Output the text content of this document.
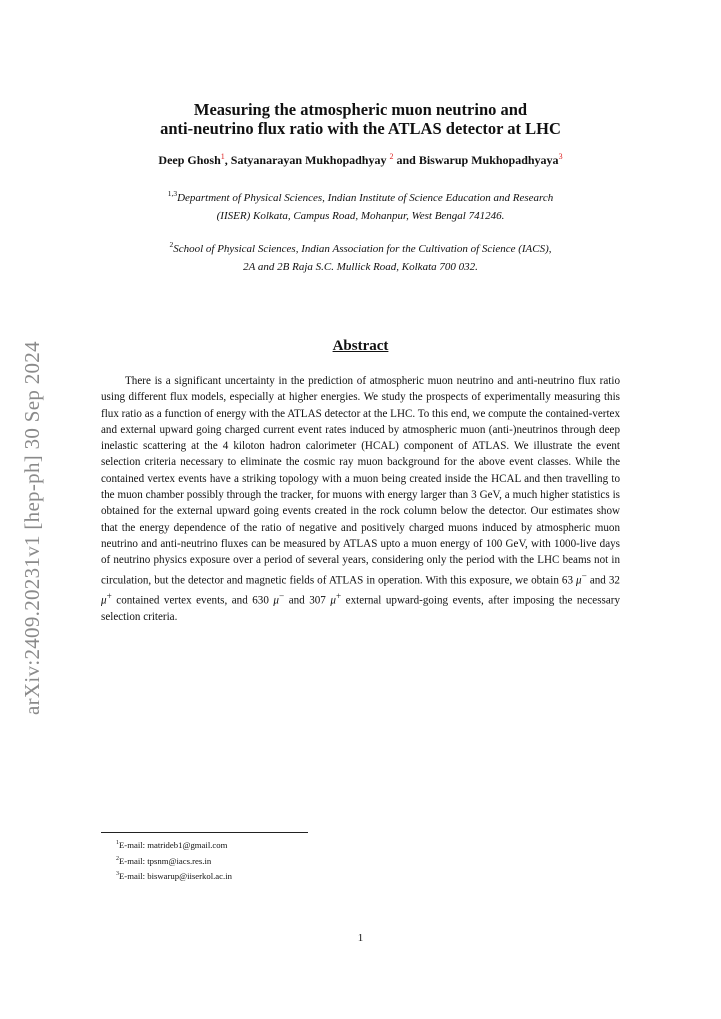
arXiv:2409.20231v1 [hep-ph] 30 Sep 2024
Measuring the atmospheric muon neutrino and
anti-neutrino flux ratio with the ATLAS detector at LHC
Deep Ghosh$^1$, Satyanarayan Mukhopadhyay $^2$ and Biswarup Mukhopadhyaya$^3$
$^{1,3}$Department of Physical Sciences, Indian Institute of Science Education and Research
(IISER) Kolkata, Campus Road, Mohanpur, West Bengal 741246.
$^2$School of Physical Sciences, Indian Association for the Cultivation of Science (IACS),
2A and 2B Raja S.C. Mullick Road, Kolkata 700 032.
Abstract

There is a significant uncertainty in the prediction of atmospheric muon neutrino and anti-neutrino flux ratio using different flux models, especially at higher energies. We study the prospects of experimentally measuring this flux ratio as a function of energy with the ATLAS detector at the LHC. To this end, we compute the contained-vertex and external upward going charged current event rates induced by atmospheric muon (anti-)neutrinos through deep inelastic scattering at the 4 kiloton hadron calorimeter (HCAL) component of ATLAS. We illustrate the event selection criteria necessary to eliminate the cosmic ray muon background for the above event classes. While the contained vertex events have a striking topology with a muon being created inside the HCAL and then travelling to the muon chamber possibly through the tracker, for muons with energy larger than 3 GeV, a much higher statistics is obtained for the external upward going events created in the rock column below the detector. Our estimates show that the energy dependence of the ratio of negative and positively charged muons induced by atmospheric muon neutrino and anti-neutrino fluxes can be measured by ATLAS upto a muon energy of 100 GeV, with 1000-live days of neutrino physics exposure over a period of several years, considering only the period with the LHC beams not in circulation, but the detector and magnetic fields of ATLAS in operation. With this exposure, we obtain 63 μ− and 32 μ+ contained vertex events, and 630 μ− and 307 μ+ external upward-going events, after imposing the necessary selection criteria.

$^1$E-mail: matrideb1@gmail.com
$^2$E-mail: tpsnm@iacs.res.in
$^3$E-mail: biswarup@iiserkol.ac.in
1
